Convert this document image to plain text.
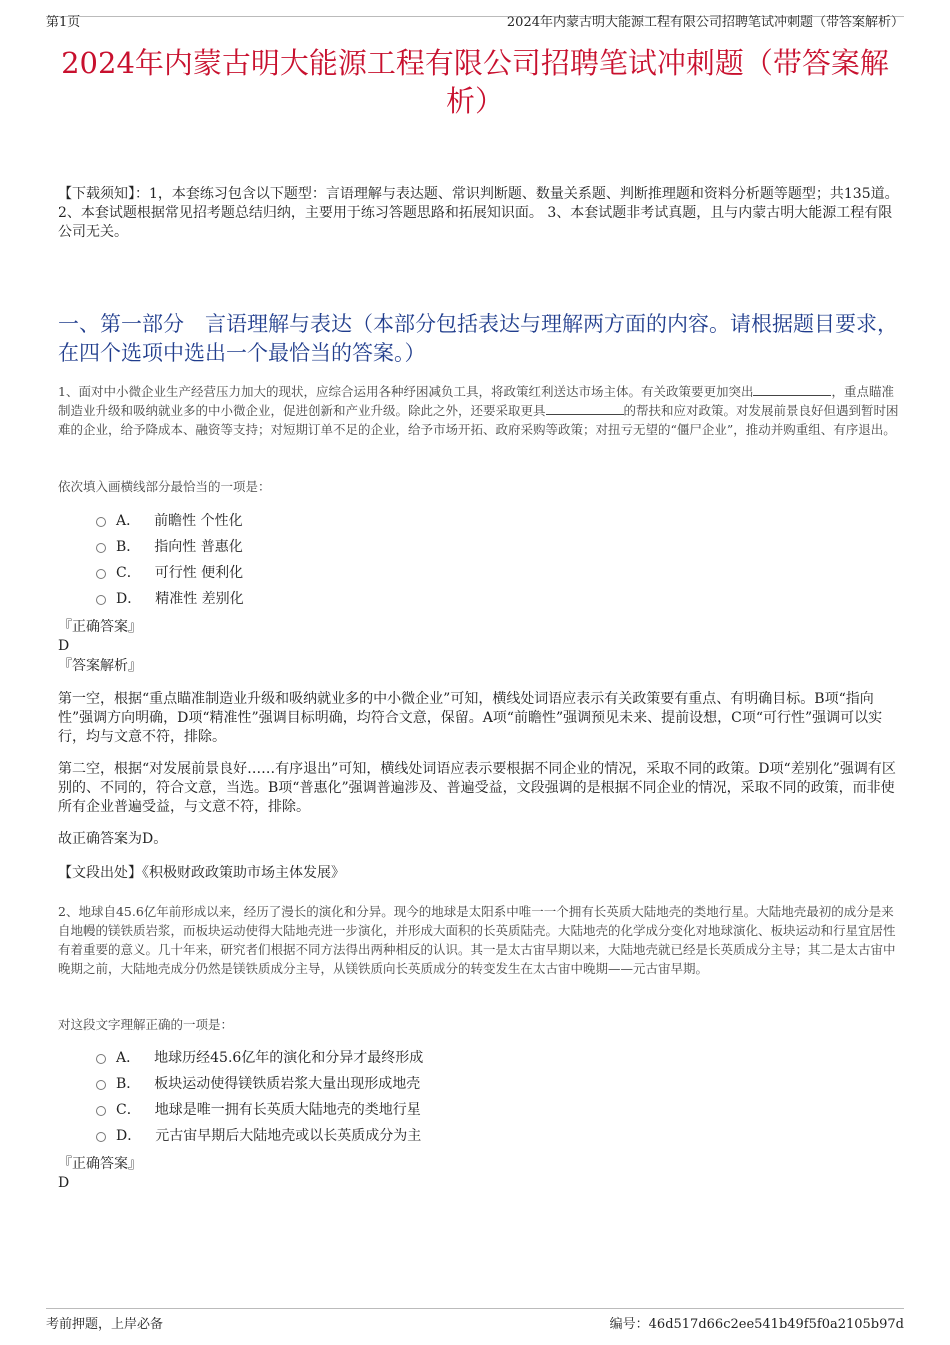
第1页	2024年内蒙古明大能源工程有限公司招聘笔试冲刺题（带答案解析）
2024年内蒙古明大能源工程有限公司招聘笔试冲刺题（带答案解析）
【下载须知】：1，本套练习包含以下题型：言语理解与表达题、常识判断题、数量关系题、判断推理题和资料分析题等题型；共135道。 2、本套试题根据常见招考题总结归纳，主要用于练习答题思路和拓展知识面。 3、本套试题非考试真题，且与内蒙古明大能源工程有限公司无关。
一、第一部分　言语理解与表达（本部分包括表达与理解两方面的内容。请根据题目要求，在四个选项中选出一个最恰当的答案。）
1、面对中小微企业生产经营压力加大的现状，应综合运用各种纾困减负工具，将政策红利送达市场主体。有关政策要更加突出	，重点瞄准制造业升级和吸纳就业多的中小微企业，促进创新和产业升级。除此之外，还要采取更具	的帮扶和应对政策。对发展前景良好但遇到暂时困难的企业，给予降成本、融资等支持；对短期订单不足的企业，给予市场开拓、政府采购等政策；对扭亏无望的“僵尸企业”，推动并购重组、有序退出。
依次填入画横线部分最恰当的一项是：
A． 前瞻性 个性化
B． 指向性 普惠化
C． 可行性 便利化
D． 精准性 差别化
『正确答案』
D
『答案解析』
第一空，根据“重点瞄准制造业升级和吸纳就业多的中小微企业”可知，横线处词语应表示有关政策要有重点、有明确目标。B项“指向性”强调方向明确，D项“精准性”强调目标明确，均符合文意，保留。A项“前瞻性”强调预见未来、提前设想，C项“可行性”强调可以实行，均与文意不符，排除。
第二空，根据“对发展前景良好……有序退出”可知，横线处词语应表示要根据不同企业的情况，采取不同的政策。D项“差别化”强调有区别的、不同的，符合文意，当选。B项“普惠化”强调普遍涉及、普遍受益，文段强调的是根据不同企业的情况，采取不同的政策，而非使所有企业普遍受益，与文意不符，排除。
故正确答案为D。
【文段出处】《积极财政政策助市场主体发展》
2、地球自45.6亿年前形成以来，经历了漫长的演化和分异。现今的地球是太阳系中唯一一个拥有长英质大陆地壳的类地行星。大陆地壳最初的成分是来自地幔的镁铁质岩浆，而板块运动使得大陆地壳进一步演化，并形成大面积的长英质陆壳。大陆地壳的化学成分变化对地球演化、板块运动和行星宜居性有着重要的意义。几十年来，研究者们根据不同方法得出两种相反的认识。其一是太古宙早期以来，大陆地壳就已经是长英质成分主导；其二是太古宙中晚期之前，大陆地壳成分仍然是镁铁质成分主导，从镁铁质向长英质成分的转变发生在太古宙中晚期——元古宙早期。
对这段文字理解正确的一项是：
A． 地球历经45.6亿年的演化和分异才最终形成
B． 板块运动使得镁铁质岩浆大量出现形成地壳
C． 地球是唯一拥有长英质大陆地壳的类地行星
D． 元古宙早期后大陆地壳或以长英质成分为主
『正确答案』
D
考前押题，上岸必备	编号：46d517d66c2ee541b49f5f0a2105b97d
